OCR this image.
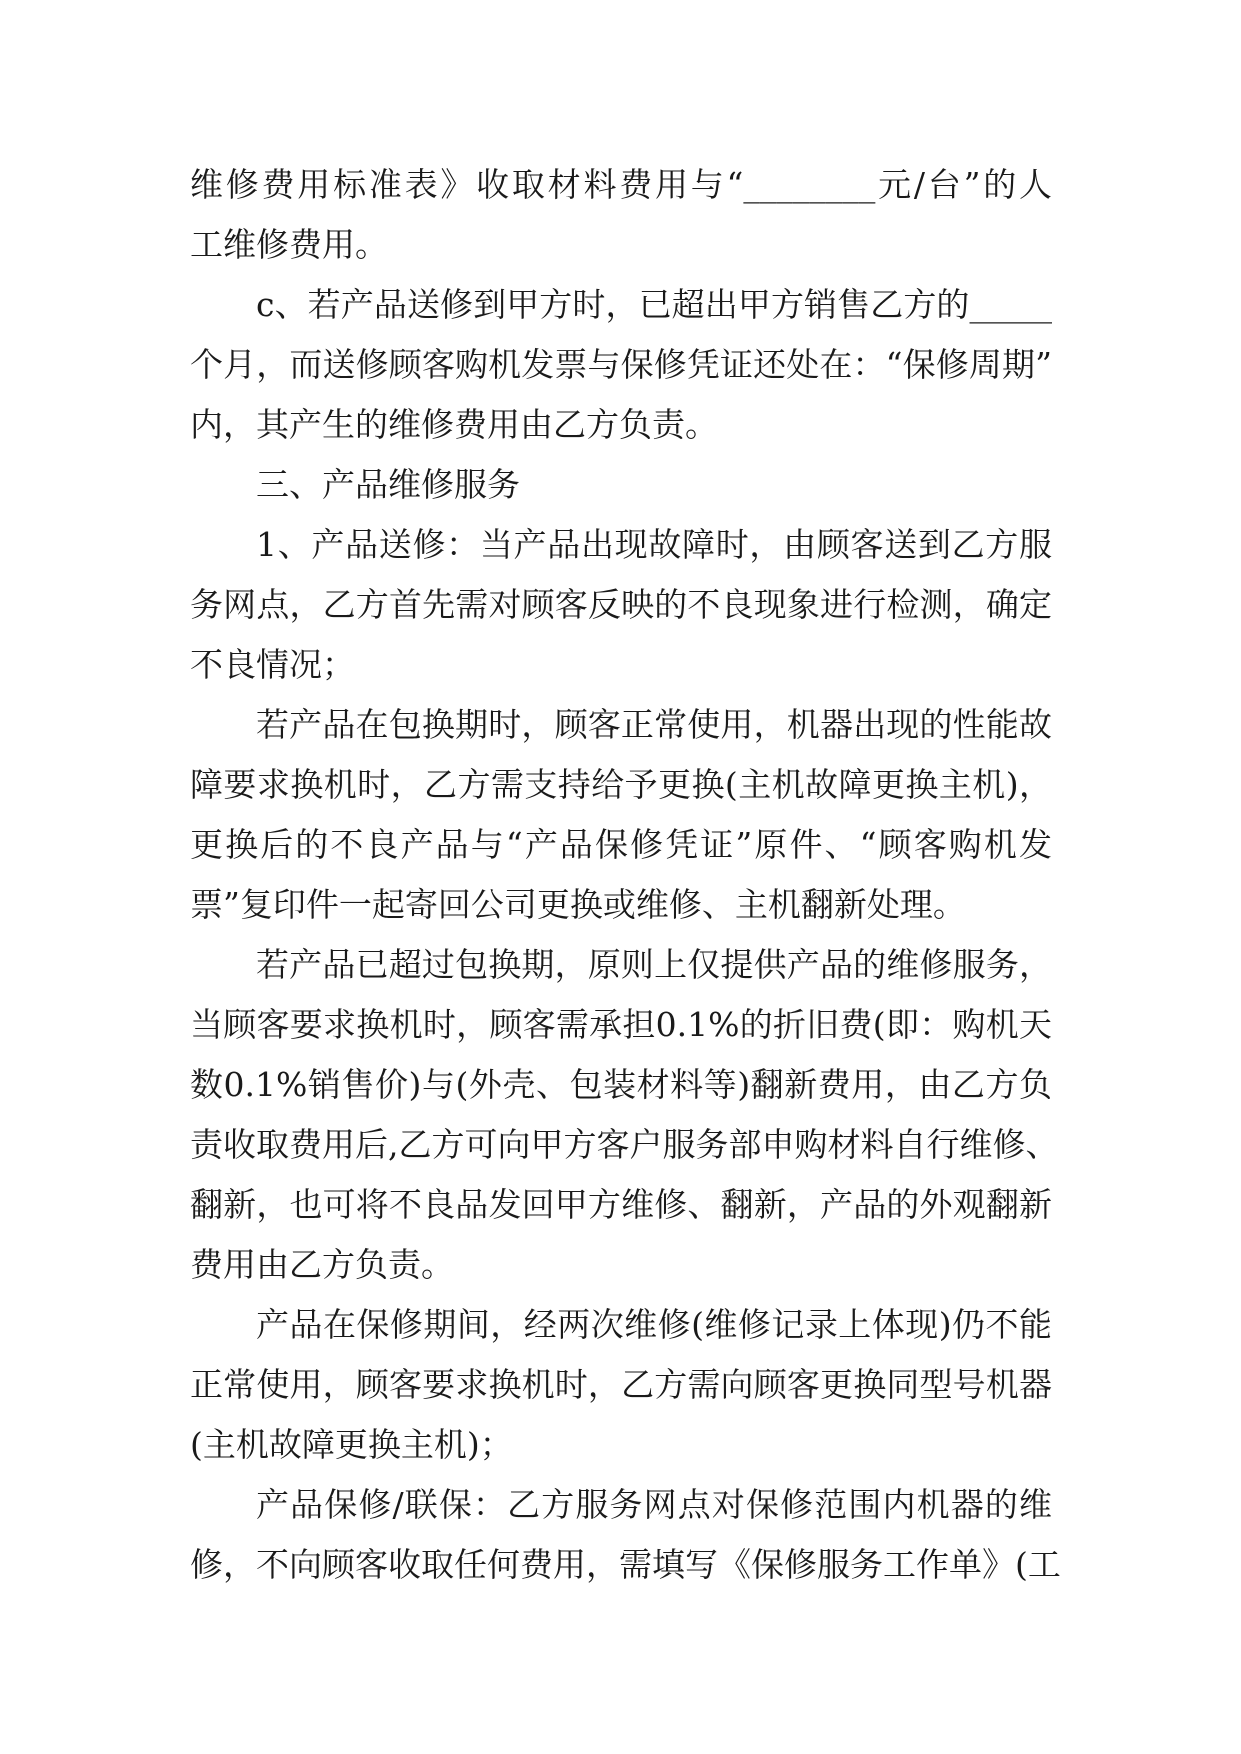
维修费用标准表》收取材料费用与“________元/台”的人
工维修费用。
c、若产品送修到甲方时，已超出甲方销售乙方的_____
个月，而送修顾客购机发票与保修凭证还处在：“保修周期”
内，其产生的维修费用由乙方负责。
三、产品维修服务
1、产品送修：当产品出现故障时，由顾客送到乙方服
务网点，乙方首先需对顾客反映的不良现象进行检测，确定
不良情况；
若产品在包换期时，顾客正常使用，机器出现的性能故
障要求换机时，乙方需支持给予更换(主机故障更换主机)，
更换后的不良产品与“产品保修凭证”原件、“顾客购机发
票”复印件一起寄回公司更换或维修、主机翻新处理。
若产品已超过包换期，原则上仅提供产品的维修服务，
当顾客要求换机时，顾客需承担0.1%的折旧费(即：购机天
数0.1%销售价)与(外壳、包装材料等)翻新费用，由乙方负
责收取费用后,乙方可向甲方客户服务部申购材料自行维修、
翻新，也可将不良品发回甲方维修、翻新，产品的外观翻新
费用由乙方负责。
产品在保修期间，经两次维修(维修记录上体现)仍不能
正常使用，顾客要求换机时，乙方需向顾客更换同型号机器
(主机故障更换主机)；
产品保修/联保：乙方服务网点对保修范围内机器的维
修，不向顾客收取任何费用，需填写《保修服务工作单》(工
